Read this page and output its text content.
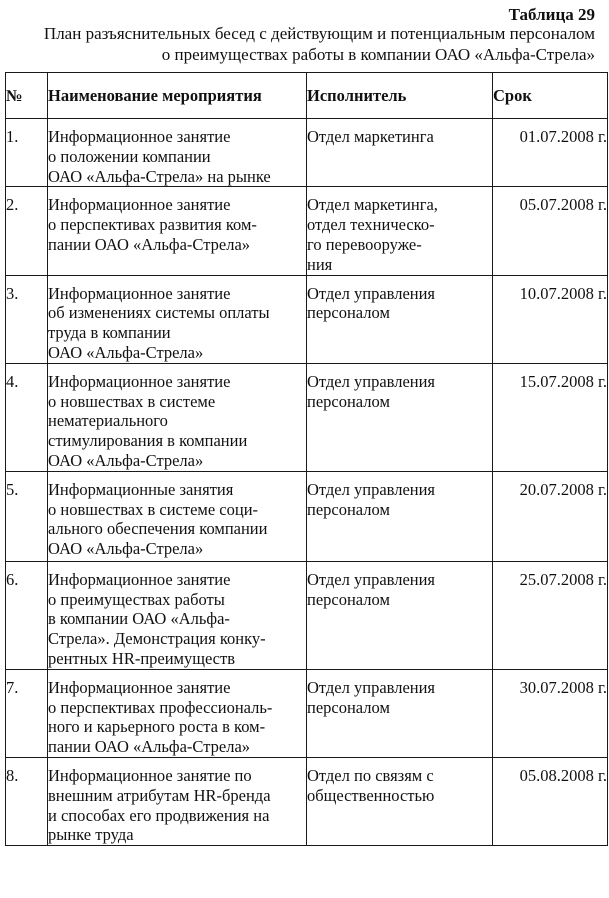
Таблица 29
План разъяснительных бесед с действующим и потенциальным персоналом
о преимуществах работы в компании ОАО «Альфа-Стрела»
№	Наименование мероприятия	Исполнитель	Срок
1.	Информационное занятие
о положении компании
ОАО «Альфа-Стрела» на рынке	Отдел маркетинга	01.07.2008 г.
2.	Информационное занятие
о перспективах развития ком-
пании ОАО «Альфа-Стрела»	Отдел маркетинга,
отдел техническо-
го перевооруже-
ния	05.07.2008 г.
3.	Информационное занятие
об изменениях системы оплаты
труда в компании
ОАО «Альфа-Стрела»	Отдел управления
персоналом	10.07.2008 г.
4.	Информационное занятие
о новшествах в системе
нематериального
стимулирования в компании
ОАО «Альфа-Стрела»	Отдел управления
персоналом	15.07.2008 г.
5.	Информационные занятия
о новшествах в системе соци-
ального обеспечения компании
ОАО «Альфа-Стрела»	Отдел управления
персоналом	20.07.2008 г.
6.	Информационное занятие
о преимуществах работы
в компании ОАО «Альфа-
Стрела». Демонстрация конку-
рентных HR-преимуществ	Отдел управления
персоналом	25.07.2008 г.
7.	Информационное занятие
о перспективах профессиональ-
ного и карьерного роста в ком-
пании ОАО «Альфа-Стрела»	Отдел управления
персоналом	30.07.2008 г.
8.	Информационное занятие по
внешним атрибутам HR-бренда
и способах его продвижения на
рынке труда	Отдел по связям с
общественностью	05.08.2008 г.
